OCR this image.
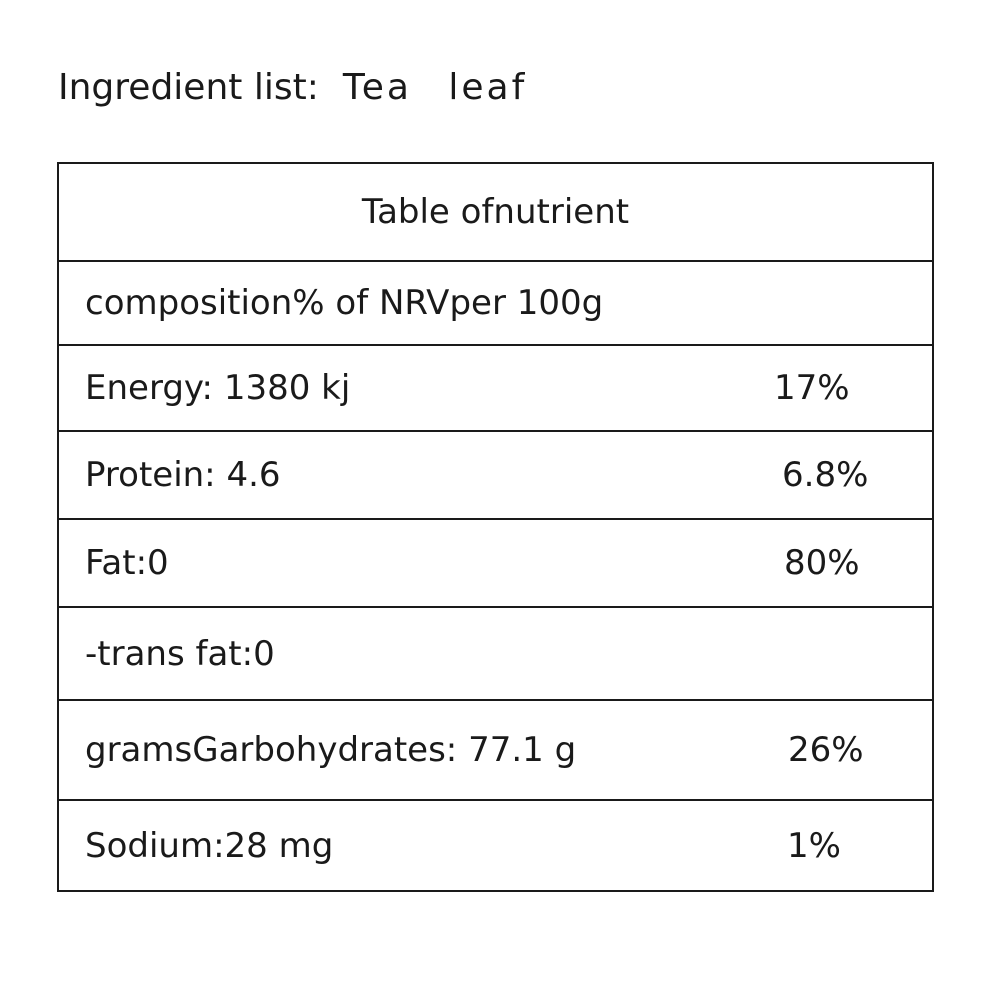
Ingredient list: Tea leaf
Table ofnutrient
composition% of NRVper 100g
Energy: 1380 kj	17%
Protein: 4.6	6.8%
Fat:0	80%
-trans fat:0
gramsGarbohydrates: 77.1 g	26%
Sodium:28 mg	1%
